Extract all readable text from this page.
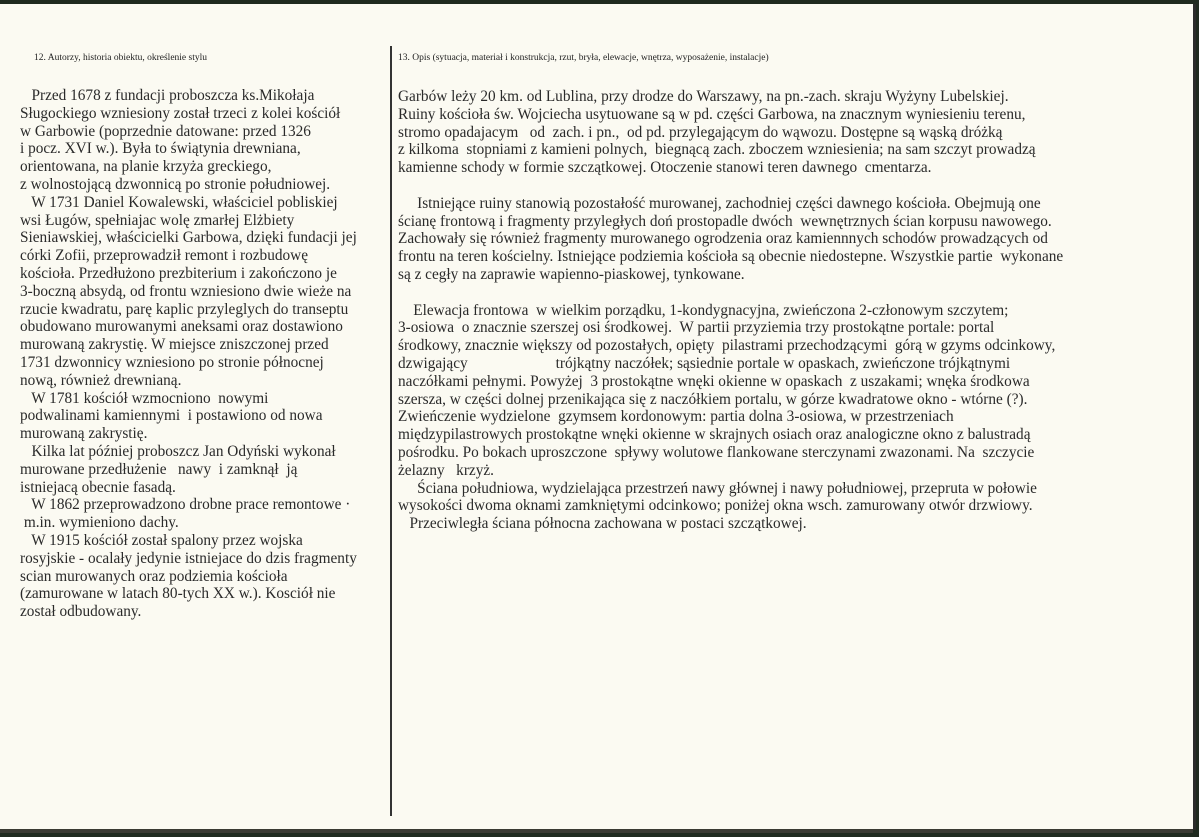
12. Autorzy, historia obiektu, określenie stylu	13. Opis (sytuacja, materiał i konstrukcja, rzut, bryła, elewacje, wnętrza, wyposażenie, instalacje)
Przed 1678 z fundacji proboszcza ks.Mikołaja
Sługockiego wzniesiony został trzeci z kolei kościół
w Garbowie (poprzednie datowane: przed 1326
i pocz. XVI w.). Była to świątynia drewniana,
orientowana, na planie krzyża greckiego,
z wolnostojącą dzwonnicą po stronie południowej.
W 1731 Daniel Kowalewski, właściciel pobliskiej
wsi Ługów, spełniajac wolę zmarłej Elżbiety
Sieniawskiej, właścicielki Garbowa, dzięki fundacji jej
córki Zofii, przeprowadził remont i rozbudowę
kościoła. Przedłużono prezbiterium i zakończono je
3-boczną absydą, od frontu wzniesiono dwie wieże na
rzucie kwadratu, parę kaplic przyleglych do transeptu
obudowano murowanymi aneksami oraz dostawiono
murowaną zakrystię. W miejsce zniszczonej przed
1731 dzwonnicy wzniesiono po stronie północnej
nową, również drewnianą.
W 1781 kościół wzmocniono  nowymi
podwalinami kamiennymi  i postawiono od nowa
murowaną zakrystię.
Kilka lat później proboszcz Jan Odyński wykonał
murowane przedłużenie   nawy  i zamknął  ją
istniejacą obecnie fasadą.
W 1862 przeprowadzono drobne prace remontowe ·
m.in. wymieniono dachy.
W 1915 kościół został spalony przez wojska
rosyjskie - ocalały jedynie istniejace do dzis fragmenty
scian murowanych oraz podziemia kościoła
(zamurowane w latach 80-tych XX w.). Kosciół nie
został odbudowany.
Garbów leży 20 km. od Lublina, przy drodze do Warszawy, na pn.-zach. skraju Wyżyny Lubelskiej.
Ruiny kościoła św. Wojciecha usytuowane są w pd. części Garbowa, na znacznym wyniesieniu terenu,
stromo opadajacym   od  zach. i pn.,  od pd. przylegającym do wąwozu. Dostępne są wąską dróżką
z kilkoma  stopniami z kamieni polnych,  biegnącą zach. zboczem wzniesienia; na sam szczyt prowadzą
kamienne schody w formie szczątkowej. Otoczenie stanowi teren dawnego  cmentarza.
Istniejące ruiny stanowią pozostałość murowanej, zachodniej części dawnego kościoła. Obejmują one
ścianę frontową i fragmenty przyległych doń prostopadle dwóch  wewnętrznych ścian korpusu nawowego.
Zachowały się również fragmenty murowanego ogrodzenia oraz kamiennnych schodów prowadzących od
frontu na teren kościelny. Istniejące podziemia kościoła są obecnie niedostepne. Wszystkie partie  wykonane
są z cegły na zaprawie wapienno-piaskowej, tynkowane.
Elewacja frontowa  w wielkim porządku, 1-kondygnacyjna, zwieńczona 2-członowym szczytem;
3-osiowa  o znacznie szerszej osi środkowej.  W partii przyziemia trzy prostokątne portale: portal
środkowy, znacznie większy od pozostałych, opięty  pilastrami przechodzącymi  górą w gzyms odcinkowy,
dzwigający                       trójkątny naczółek; sąsiednie portale w opaskach, zwieńczone trójkątnymi
naczółkami pełnymi. Powyżej  3 prostokątne wnęki okienne w opaskach  z uszakami; wnęka środkowa
szersza, w części dolnej przenikająca się z naczółkiem portalu, w górze kwadratowe okno - wtórne (?).
Zwieńczenie wydzielone  gzymsem kordonowym: partia dolna 3-osiowa, w przestrzeniach
międzypilastrowych prostokątne wnęki okienne w skrajnych osiach oraz analogiczne okno z balustradą
pośrodku. Po bokach uproszczone  spływy wolutowe flankowane sterczynami zwazonami. Na  szczycie
żelazny   krzyż.
Ściana południowa, wydzielająca przestrzeń nawy głównej i nawy południowej, przepruta w połowie
wysokości dwoma oknami zamkniętymi odcinkowo; poniżej okna wsch. zamurowany otwór drzwiowy.
Przeciwległa ściana północna zachowana w postaci szczątkowej.
